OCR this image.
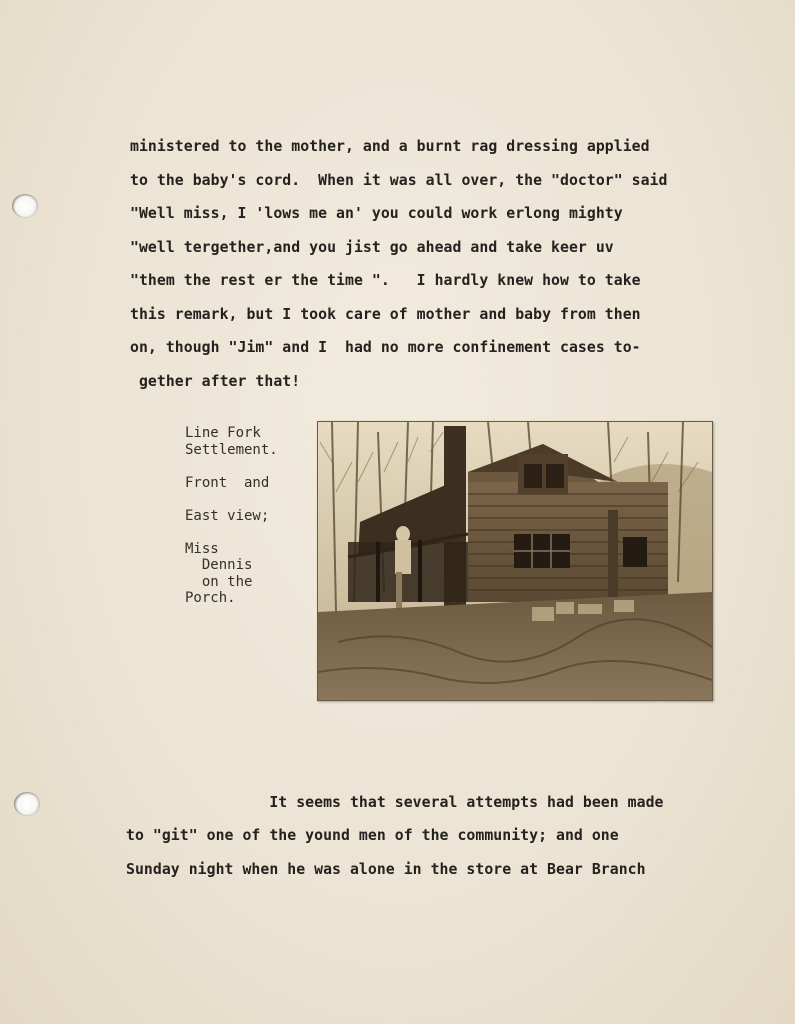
ministered to the mother, and a burnt rag dressing applied
to the baby's cord.  When it was all over, the "doctor" said
"Well miss, I 'lows me an' you could work erlong mighty
"well tergether,and you jist go ahead and take keer uv
"them the rest er the time ".   I hardly knew how to take
this remark, but I took care of mother and baby from then
on, though "Jim" and I  had no more confinement cases to-
gether after that!
Line Fork
Settlement.

Front  and

East view;

Miss
Dennis
on the
Porch.
It seems that several attempts had been made
to "git" one of the yound men of the community; and one
Sunday night when he was alone in the store at Bear Branch
